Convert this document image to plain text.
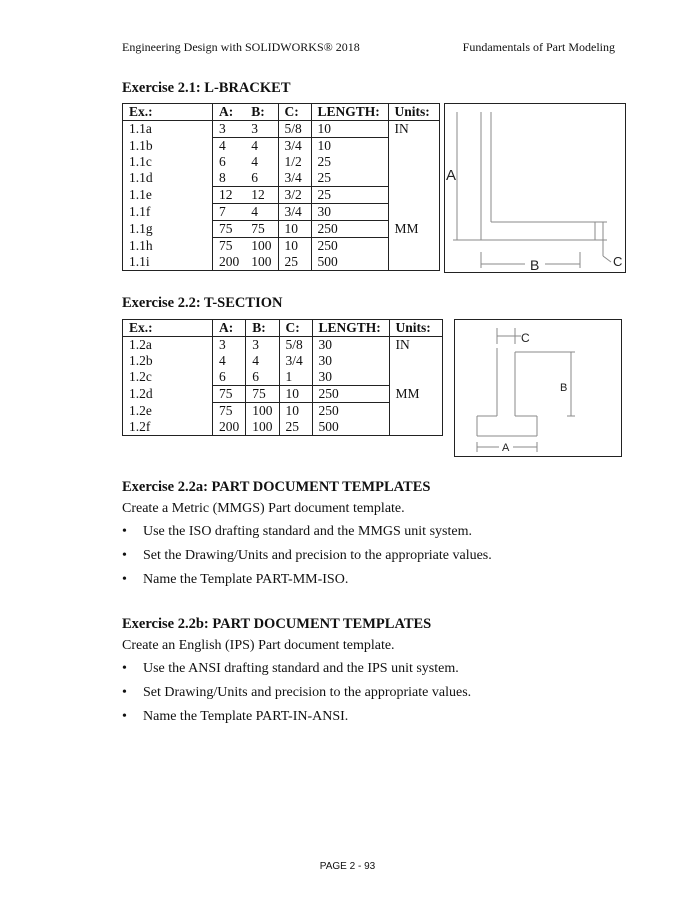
Engineering Design with SOLIDWORKS® 2018	Fundamentals of Part Modeling
Exercise 2.1: L-BRACKET
Ex.:	A:	B:	C:	LENGTH:	Units:
1.1a	3	3	5/8	10	IN
1.1b	4	4	3/4	10	
1.1c	6	4	1/2	25	
1.1d	8	6	3/4	25	
1.1e	12	12	3/2	25	
1.1f	7	4	3/4	30	
1.1g	75	75	10	250	MM
1.1h	75	100	10	250	
1.1i	200	100	25	500	
A
B	C
Exercise 2.2: T-SECTION
Ex.:	A:	B:	C:	LENGTH:	Units:
1.2a	3	3	5/8	30	IN
1.2b	4	4	3/4	30	
1.2c	6	6	1	30	
1.2d	75	75	10	250	MM
1.2e	75	100	10	250	
1.2f	200	100	25	500	
C
B
A
Exercise 2.2a: PART DOCUMENT TEMPLATES
Create a Metric (MMGS) Part document template.
• Use the ISO drafting standard and the MMGS unit system.
• Set the Drawing/Units and precision to the appropriate values.
• Name the Template PART-MM-ISO.
Exercise 2.2b: PART DOCUMENT TEMPLATES
Create an English (IPS) Part document template.
• Use the ANSI drafting standard and the IPS unit system.
• Set Drawing/Units and precision to the appropriate values.
• Name the Template PART-IN-ANSI.
PAGE 2 - 93
